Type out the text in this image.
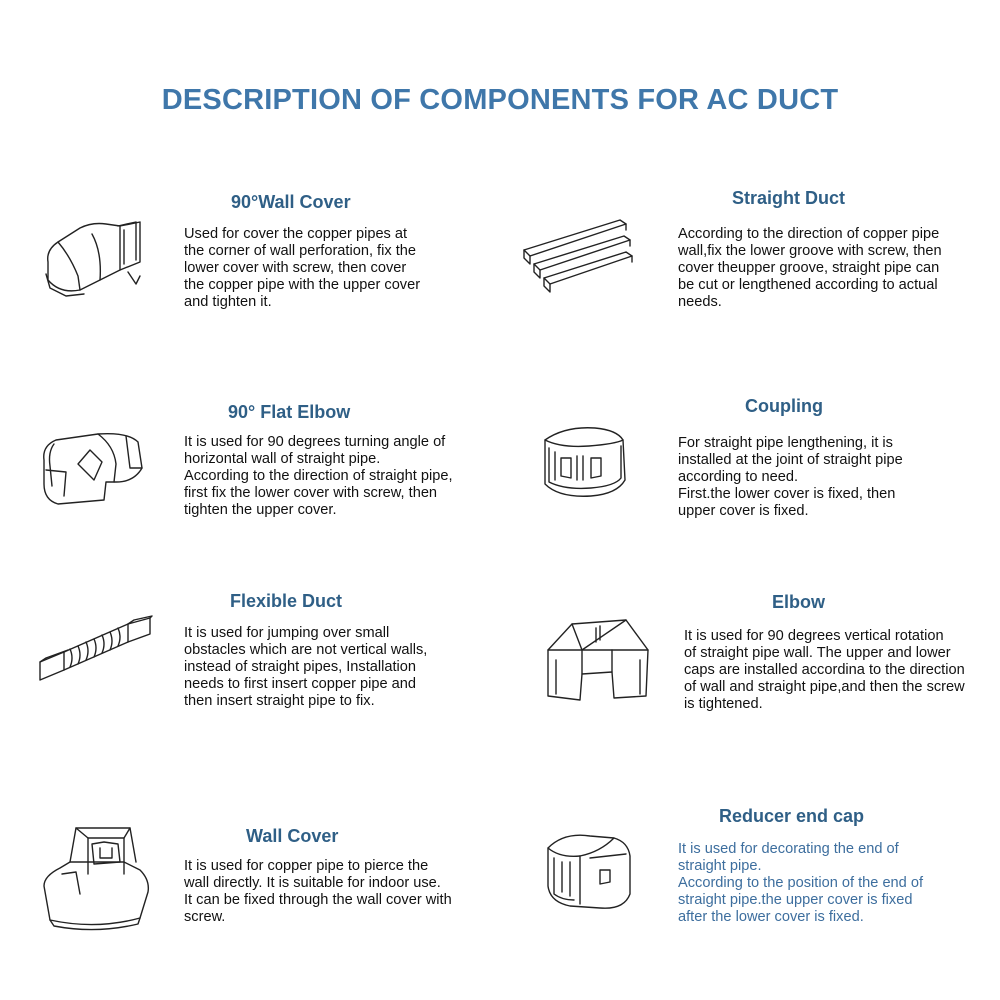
DESCRIPTION OF COMPONENTS FOR AC DUCT
90°Wall Cover
Used for cover the copper pipes at
the corner of wall perforation, fix the
lower cover with screw, then cover
the copper pipe with the upper cover
and tighten it.
Straight Duct
According to the direction of copper pipe
wall,fix the lower groove with screw, then
cover theupper groove, straight pipe can
be cut or lengthened according to actual
needs.
90° Flat Elbow
It is used for 90 degrees turning angle of
horizontal wall of straight pipe.
According to the direction of straight pipe,
first fix the lower cover with screw, then
tighten the upper cover.
Coupling
For straight pipe lengthening, it is
installed at the joint of straight pipe
according to need.
First.the lower cover is fixed, then
upper cover is fixed.
Flexible Duct
It is used for jumping over small
obstacles which are not vertical walls,
instead of straight pipes, Installation
needs to first insert copper pipe and
then insert straight pipe to fix.
Elbow
It is used for 90 degrees vertical rotation
of straight pipe wall. The upper and lower
caps are installed accordina to the direction
of wall and straight pipe,and then the screw
is tightened.
Wall Cover
It is used for copper pipe to pierce the
wall directly. It is suitable for indoor use.
It can be fixed through the wall cover with
screw.
Reducer end cap
It is used for decorating the end of
straight pipe.
According to the position of the end of
straight pipe.the upper cover is fixed
after the lower cover is fixed.
